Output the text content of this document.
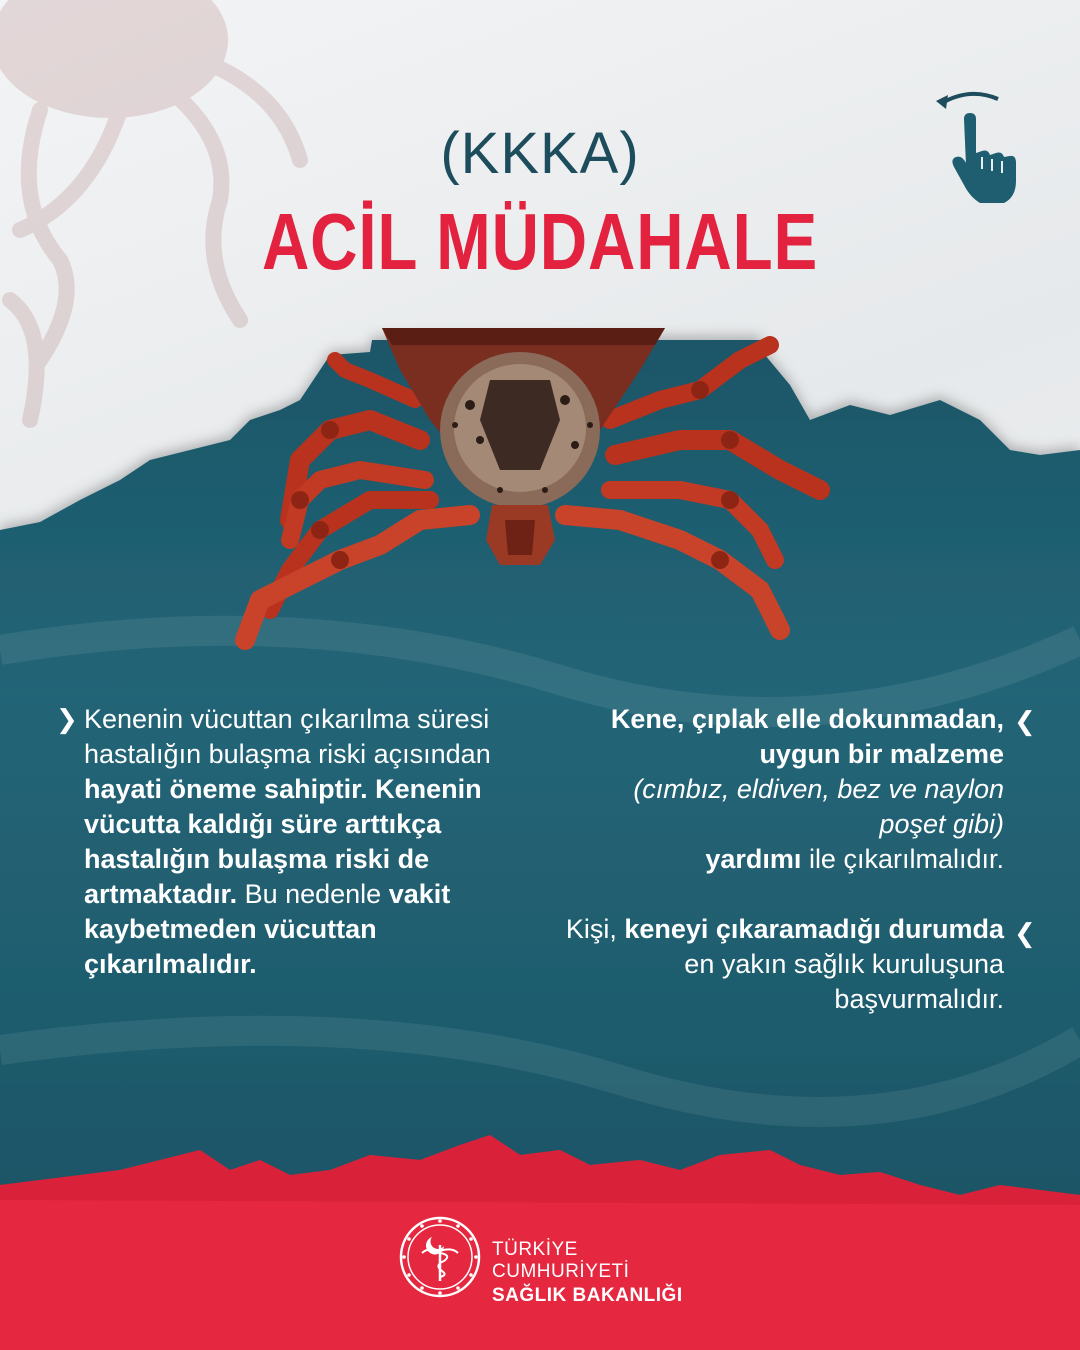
(KKKA)
ACİL MÜDAHALE
❯	❮
❮

Kenenin vücuttan çıkarılma süresi hastalığın bulaşma riski açısından hayati öneme sahiptir. Kenenin vücutta kaldığı süre arttıkça hastalığın bulaşma riski de artmaktadır. Bu nedenle vakit kaybetmeden vücuttan çıkarılmalıdır.

Kene, çıplak elle dokunmadan, uygun bir malzeme
(cımbız, eldiven, bez ve naylon poşet gibi)
yardımı ile çıkarılmalıdır.

Kişi, keneyi çıkaramadığı durumda en yakın sağlık kuruluşuna başvurmalıdır.

TÜRKİYE CUMHURİYETİ
SAĞLIK BAKANLIĞI
